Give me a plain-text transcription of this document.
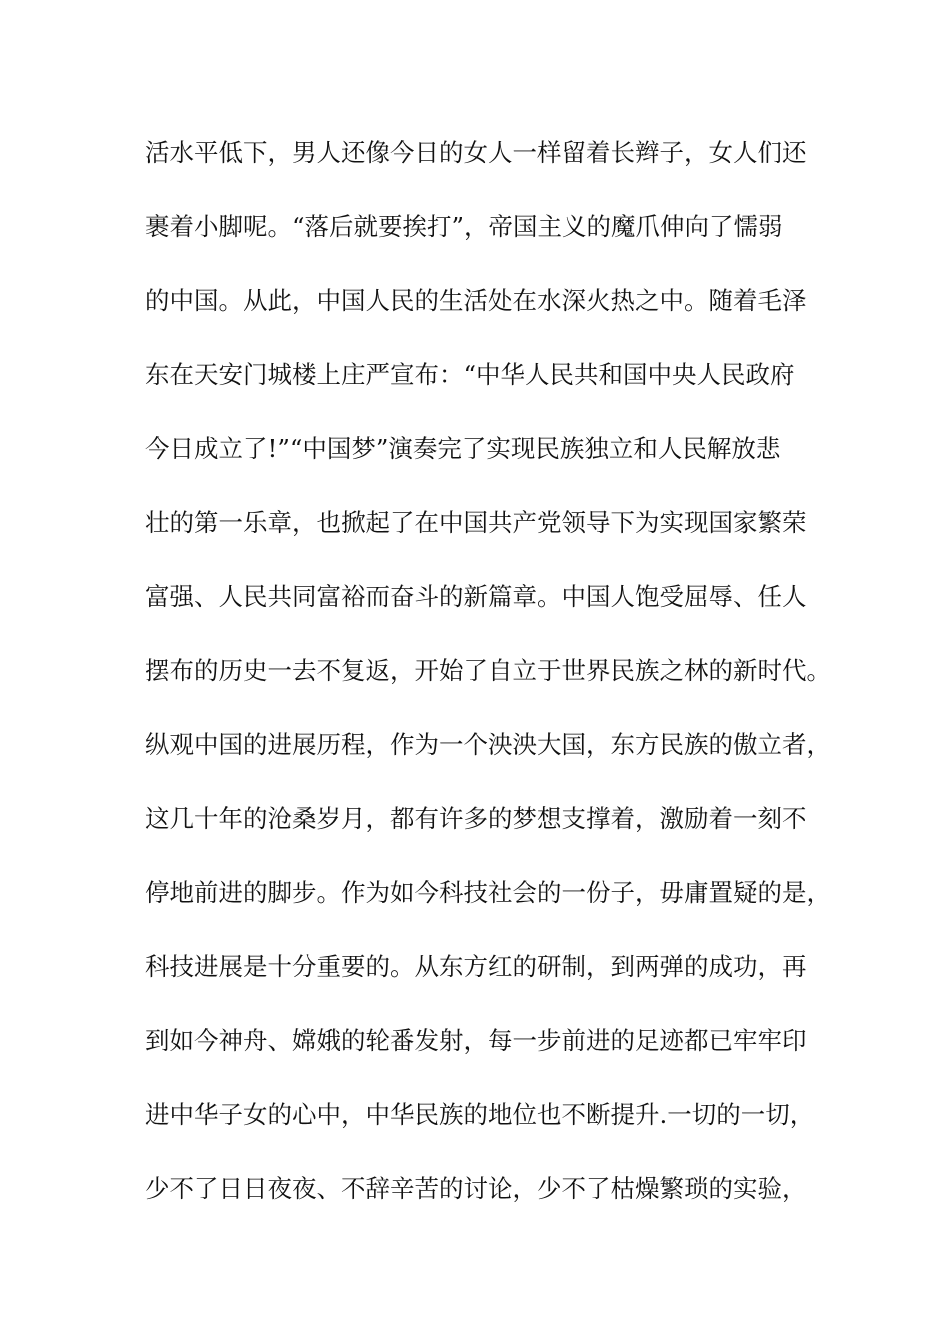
活水平低下，男人还像今日的女人一样留着长辫子，女人们还
裹着小脚呢。“落后就要挨打”，帝国主义的魔爪伸向了懦弱
的中国。从此，中国人民的生活处在水深火热之中。随着毛泽
东在天安门城楼上庄严宣布：“中华人民共和国中央人民政府
今日成立了!”“中国梦”演奏完了实现民族独立和人民解放悲
壮的第一乐章，也掀起了在中国共产党领导下为实现国家繁荣
富强、人民共同富裕而奋斗的新篇章。中国人饱受屈辱、任人
摆布的历史一去不复返，开始了自立于世界民族之林的新时代。
纵观中国的进展历程，作为一个泱泱大国，东方民族的傲立者，
这几十年的沧桑岁月，都有许多的梦想支撑着，激励着一刻不
停地前进的脚步。作为如今科技社会的一份子，毋庸置疑的是，
科技进展是十分重要的。从东方红的研制，到两弹的成功，再
到如今神舟、嫦娥的轮番发射，每一步前进的足迹都已牢牢印
进中华子女的心中，中华民族的地位也不断提升.一切的一切，
少不了日日夜夜、不辞辛苦的讨论，少不了枯燥繁琐的实验，
